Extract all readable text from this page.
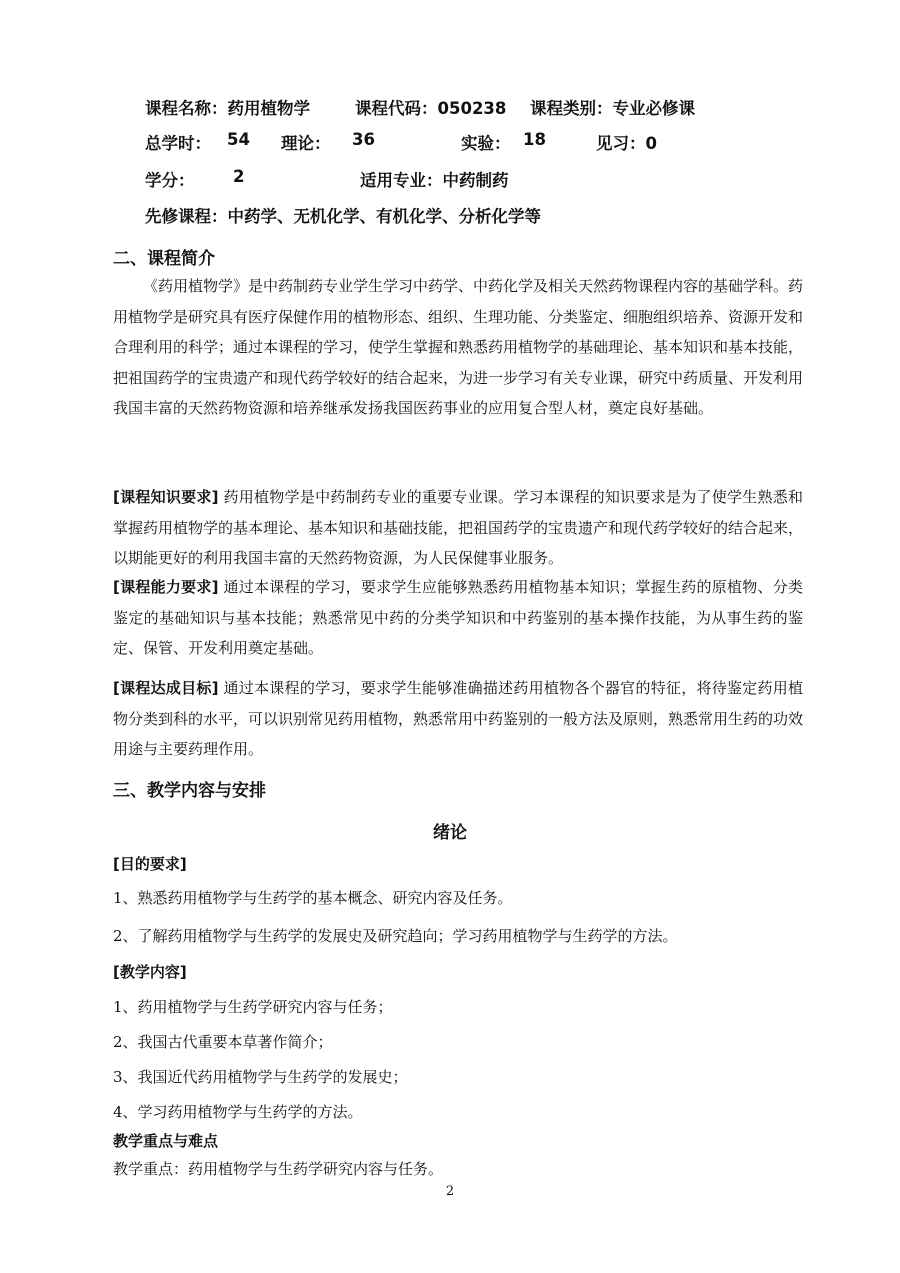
课程名称：药用植物学	课程代码：050238 课程类别：专业必修课
总学时： 54 理论： 36	实验： 18	见习：0
学分： 2	适用专业：中药制药
先修课程：中药学、无机化学、有机化学、分析化学等
二、课程简介
《药用植物学》是中药制药专业学生学习中药学、中药化学及相关天然药物课程内容的基础学科。药用植物学是研究具有医疗保健作用的植物形态、组织、生理功能、分类鉴定、细胞组织培养、资源开发和合理利用的科学；通过本课程的学习，使学生掌握和熟悉药用植物学的基础理论、基本知识和基本技能，把祖国药学的宝贵遗产和现代药学较好的结合起来，为进一步学习有关专业课，研究中药质量、开发利用我国丰富的天然药物资源和培养继承发扬我国医药事业的应用复合型人材，奠定良好基础。
[课程知识要求] 药用植物学是中药制药专业的重要专业课。学习本课程的知识要求是为了使学生熟悉和掌握药用植物学的基本理论、基本知识和基础技能，把祖国药学的宝贵遗产和现代药学较好的结合起来，以期能更好的利用我国丰富的天然药物资源，为人民保健事业服务。
[课程能力要求] 通过本课程的学习，要求学生应能够熟悉药用植物基本知识；掌握生药的原植物、分类鉴定的基础知识与基本技能；熟悉常见中药的分类学知识和中药鉴别的基本操作技能，为从事生药的鉴定、保管、开发利用奠定基础。
[课程达成目标] 通过本课程的学习，要求学生能够准确描述药用植物各个器官的特征，将待鉴定药用植物分类到科的水平，可以识别常见药用植物，熟悉常用中药鉴别的一般方法及原则，熟悉常用生药的功效用途与主要药理作用。
三、教学内容与安排
绪论
[目的要求]
1、熟悉药用植物学与生药学的基本概念、研究内容及任务。
2、了解药用植物学与生药学的发展史及研究趋向；学习药用植物学与生药学的方法。
[教学内容]
1、药用植物学与生药学研究内容与任务；
2、我国古代重要本草著作简介；
3、我国近代药用植物学与生药学的发展史；
4、学习药用植物学与生药学的方法。
教学重点与难点
教学重点：药用植物学与生药学研究内容与任务。
2
